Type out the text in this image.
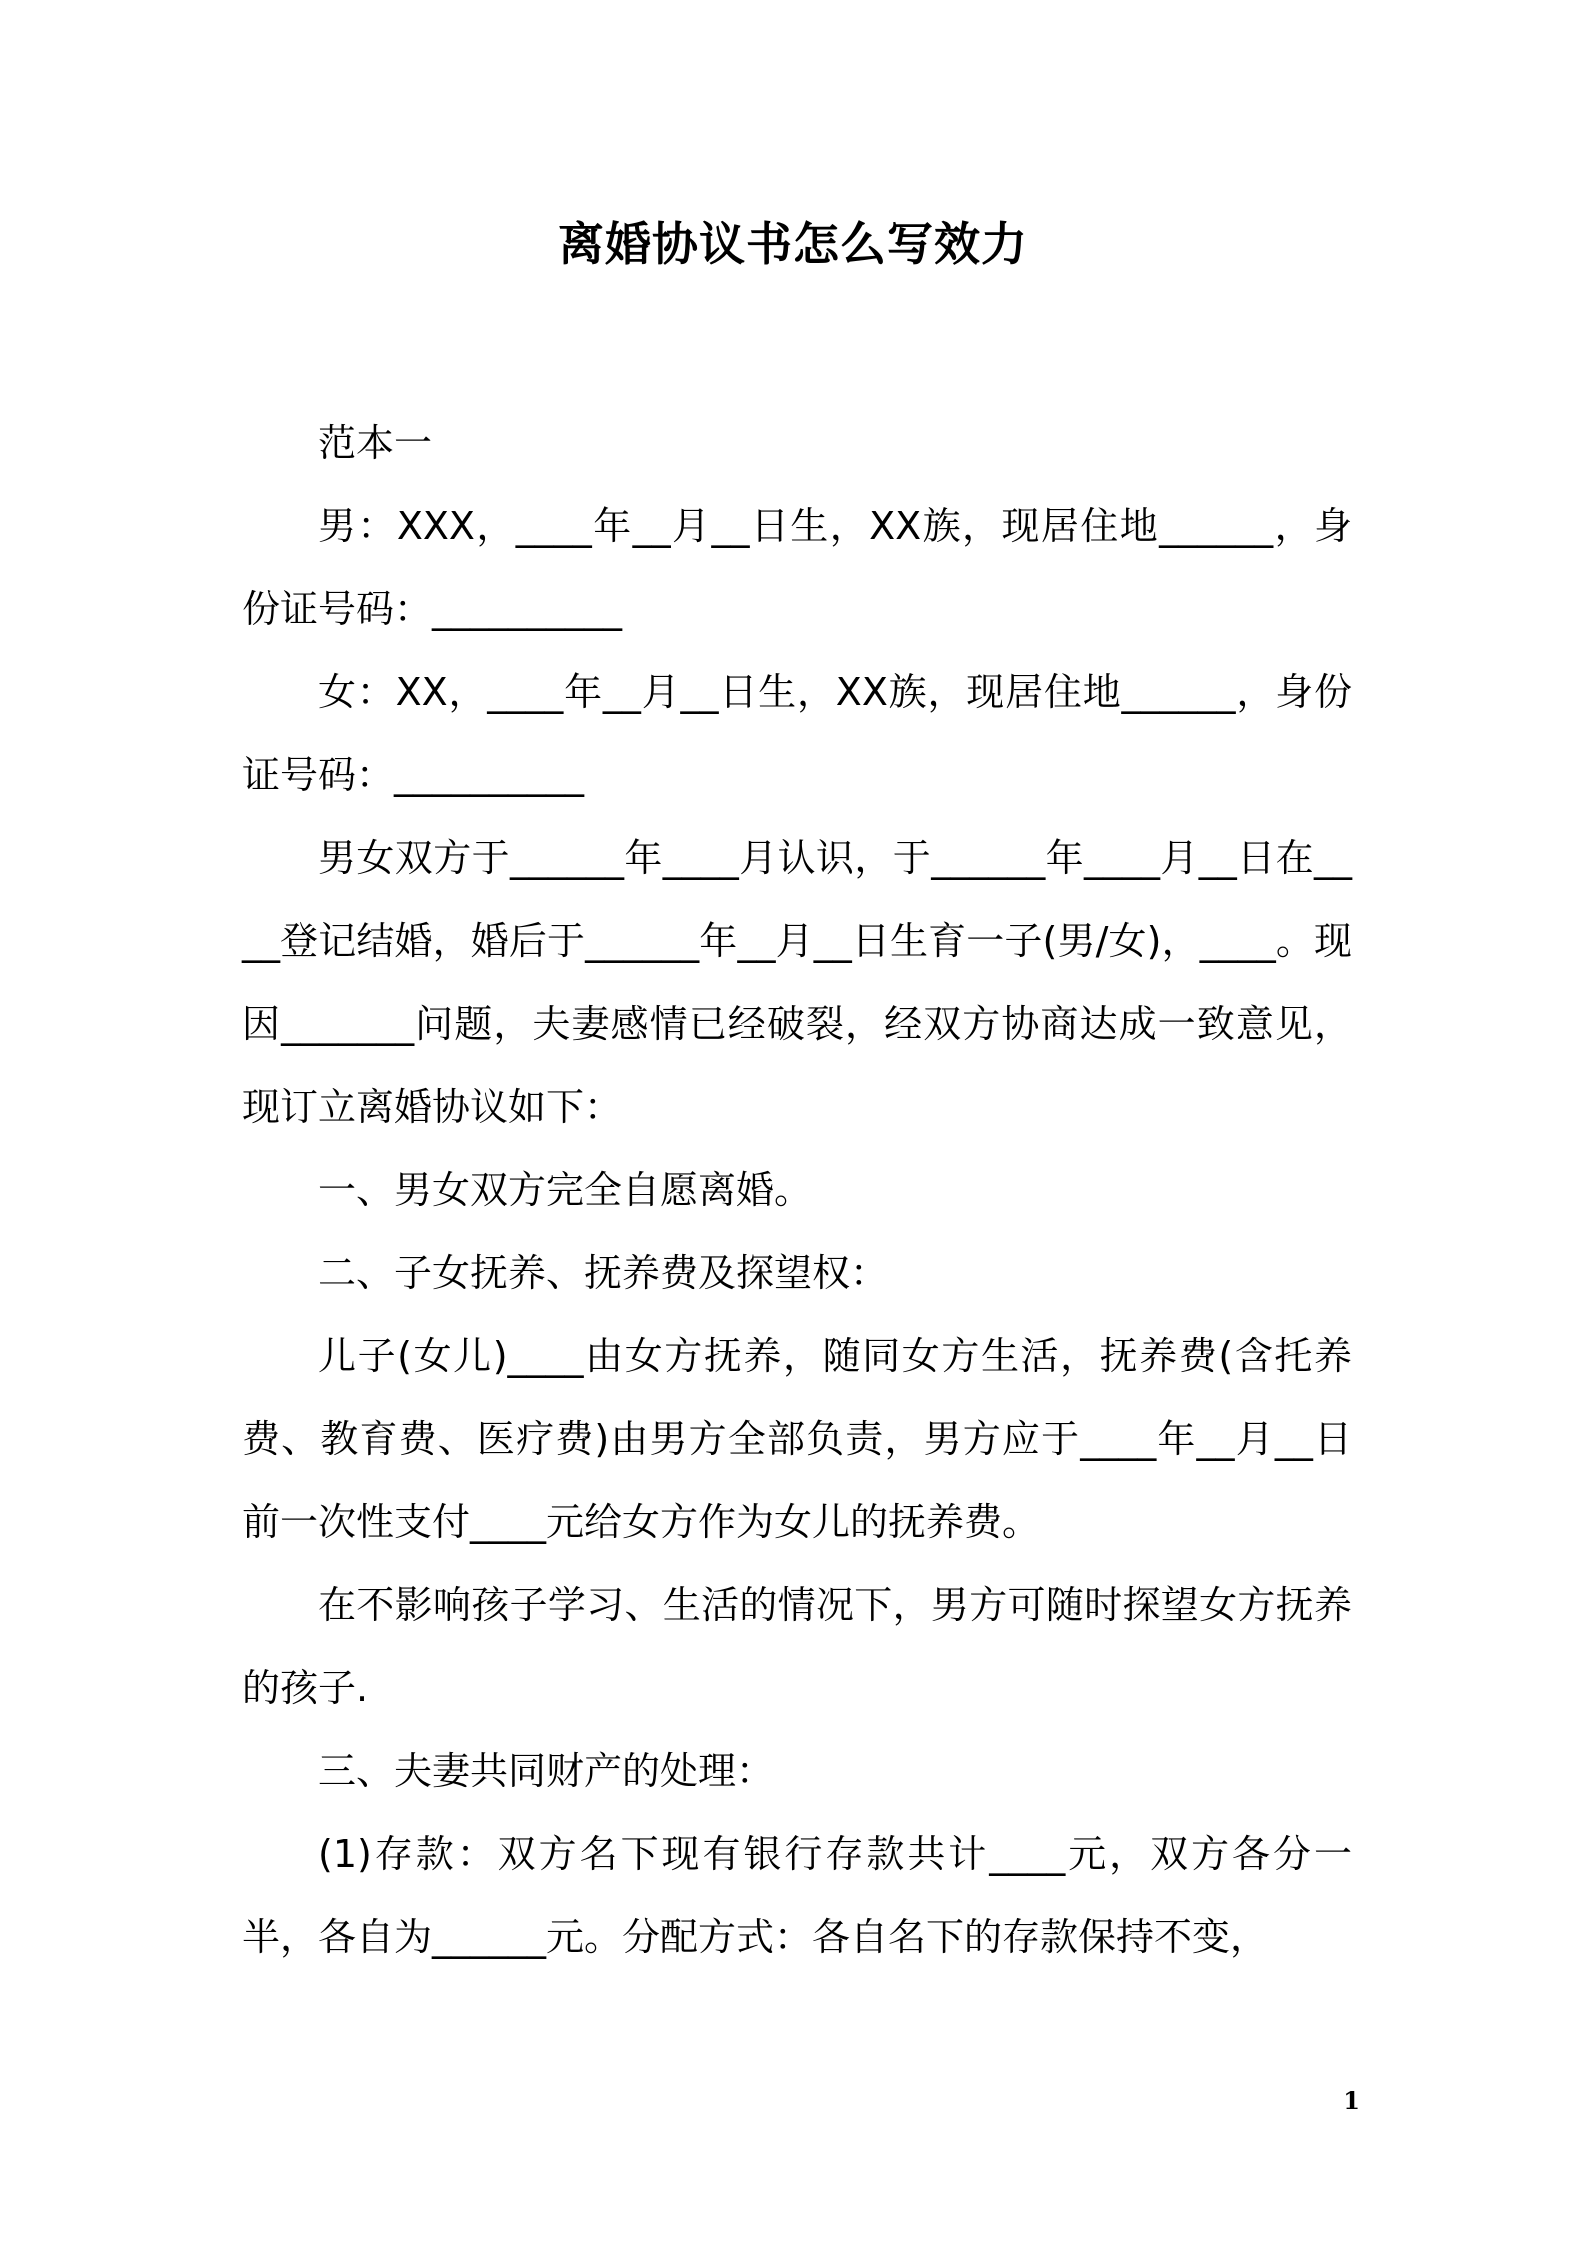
离婚协议书怎么写效力

范本一

男：XXX，____年__月__日生，XX族，现居住地______，身份证号码：__________

女：XX，____年__月__日生，XX族，现居住地______，身份证号码：__________

男女双方于______年____月认识，于______年____月__日在____登记结婚，婚后于______年__月__日生育一子(男/女)，____。现因_______问题，夫妻感情已经破裂，经双方协商达成一致意见，现订立离婚协议如下：

一、男女双方完全自愿离婚。

二、子女抚养、抚养费及探望权：

儿子(女儿)____由女方抚养，随同女方生活，抚养费(含托养费、教育费、医疗费)由男方全部负责，男方应于____年__月__日前一次性支付____元给女方作为女儿的抚养费。

在不影响孩子学习、生活的情况下，男方可随时探望女方抚养的孩子.

三、夫妻共同财产的处理：

(1)存款：双方名下现有银行存款共计____元，双方各分一半，各自为______元。分配方式：各自名下的存款保持不变，

1
